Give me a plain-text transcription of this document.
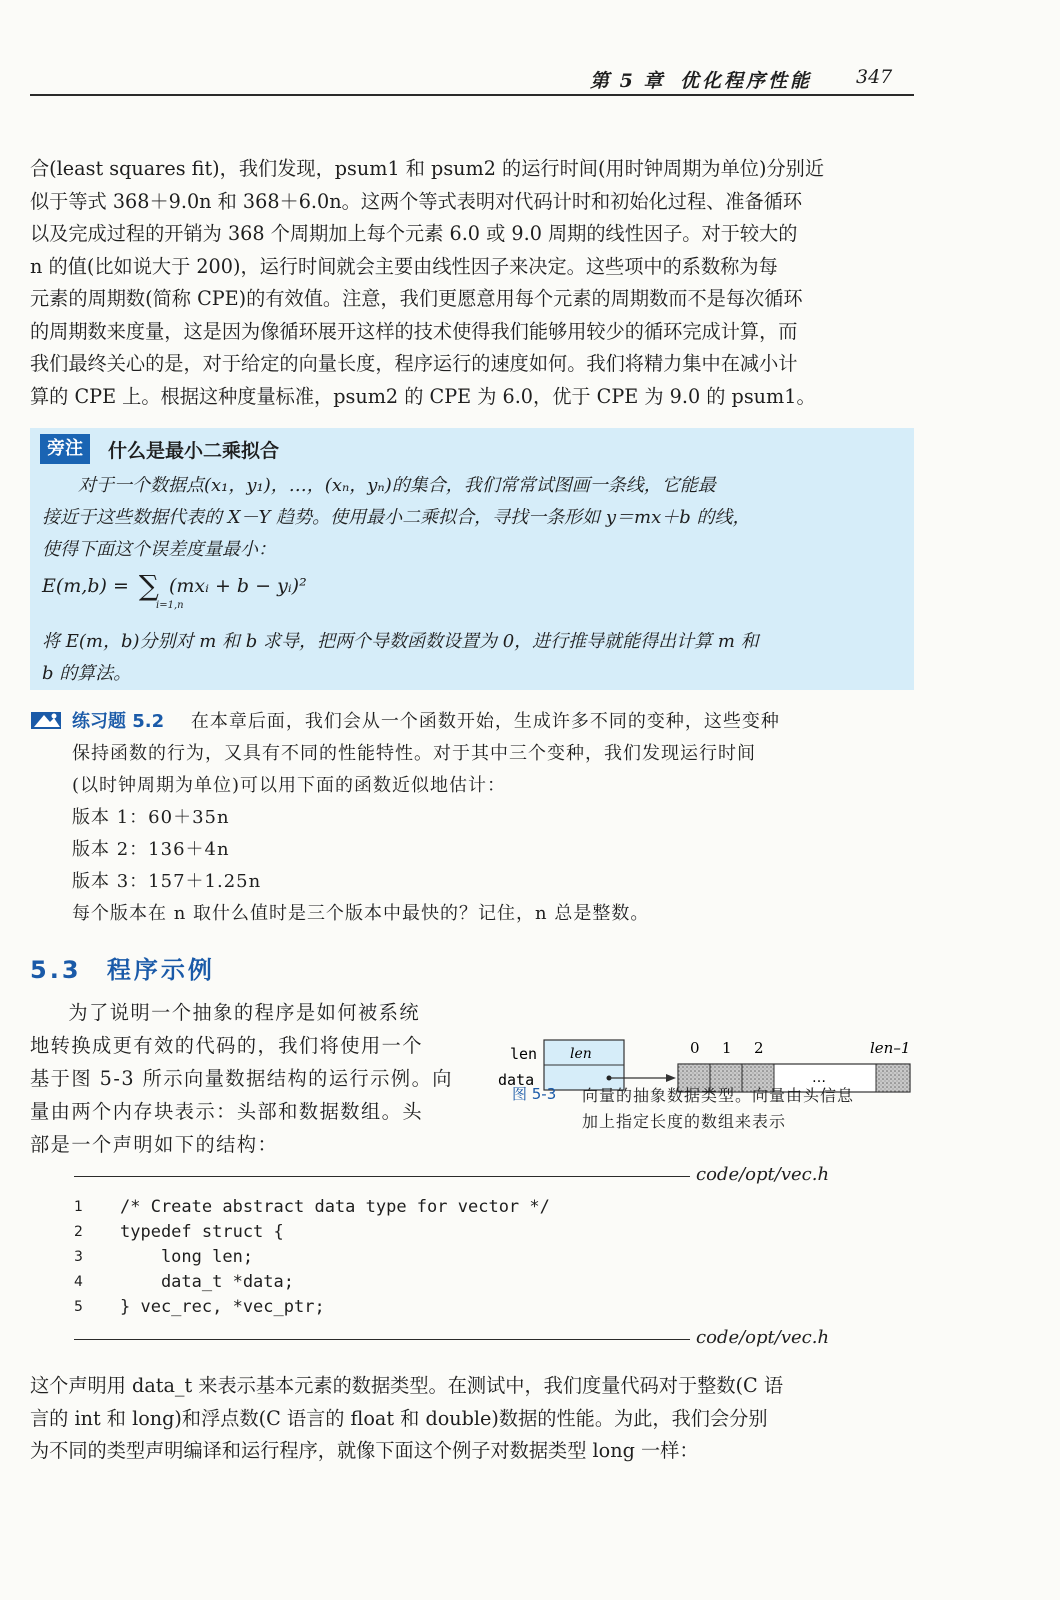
第 5 章 优化程序性能 347
合(least squares fit)，我们发现，psum1 和 psum2 的运行时间(用时钟周期为单位)分别近
似于等式 368＋9.0n 和 368＋6.0n。这两个等式表明对代码计时和初始化过程、准备循环
以及完成过程的开销为 368 个周期加上每个元素 6.0 或 9.0 周期的线性因子。对于较大的
n 的值(比如说大于 200)，运行时间就会主要由线性因子来决定。这些项中的系数称为每
元素的周期数(简称 CPE)的有效值。注意，我们更愿意用每个元素的周期数而不是每次循环
的周期数来度量，这是因为像循环展开这样的技术使得我们能够用较少的循环完成计算，而
我们最终关心的是，对于给定的向量长度，程序运行的速度如何。我们将精力集中在减小计
算的 CPE 上。根据这种度量标准，psum2 的 CPE 为 6.0，优于 CPE 为 9.0 的 psum1。
旁注	什么是最小二乘拟合
对于一个数据点(x₁，y₁)，…，(xₙ，yₙ)的集合，我们常常试图画一条线，它能最
接近于这些数据代表的 X－Y 趋势。使用最小二乘拟合，寻找一条形如 y＝mx＋b 的线，
使得下面这个误差度量最小：
E(m,b) = ∑ (mxᵢ + b − yᵢ)²
i=1,n
将 E(m，b)分别对 m 和 b 求导，把两个导数函数设置为 0，进行推导就能得出计算 m 和
b 的算法。
练习题 5.2 在本章后面，我们会从一个函数开始，生成许多不同的变种，这些变种
保持函数的行为，又具有不同的性能特性。对于其中三个变种，我们发现运行时间
(以时钟周期为单位)可以用下面的函数近似地估计：
版本 1：60＋35n
版本 2：136＋4n
版本 3：157＋1.25n
每个版本在 n 取什么值时是三个版本中最快的？记住，n 总是整数。
5.3 程序示例
为了说明一个抽象的程序是如何被系统
地转换成更有效的代码的，我们将使用一个
基于图 5-3 所示向量数据结构的运行示例。向
量由两个内存块表示：头部和数据数组。头
部是一个声明如下的结构：
len
data
len	0 1 2	len–1
…
图 5-3 向量的抽象数据类型。向量由头信息
加上指定长度的数组来表示
code/opt/vec.h
1	/* Create abstract data type for vector */
2	typedef struct {
3	long len;
4	data_t *data;
5	} vec_rec, *vec_ptr;
code/opt/vec.h
这个声明用 data_t 来表示基本元素的数据类型。在测试中，我们度量代码对于整数(C 语
言的 int 和 long)和浮点数(C 语言的 float 和 double)数据的性能。为此，我们会分别
为不同的类型声明编译和运行程序，就像下面这个例子对数据类型 long 一样：
